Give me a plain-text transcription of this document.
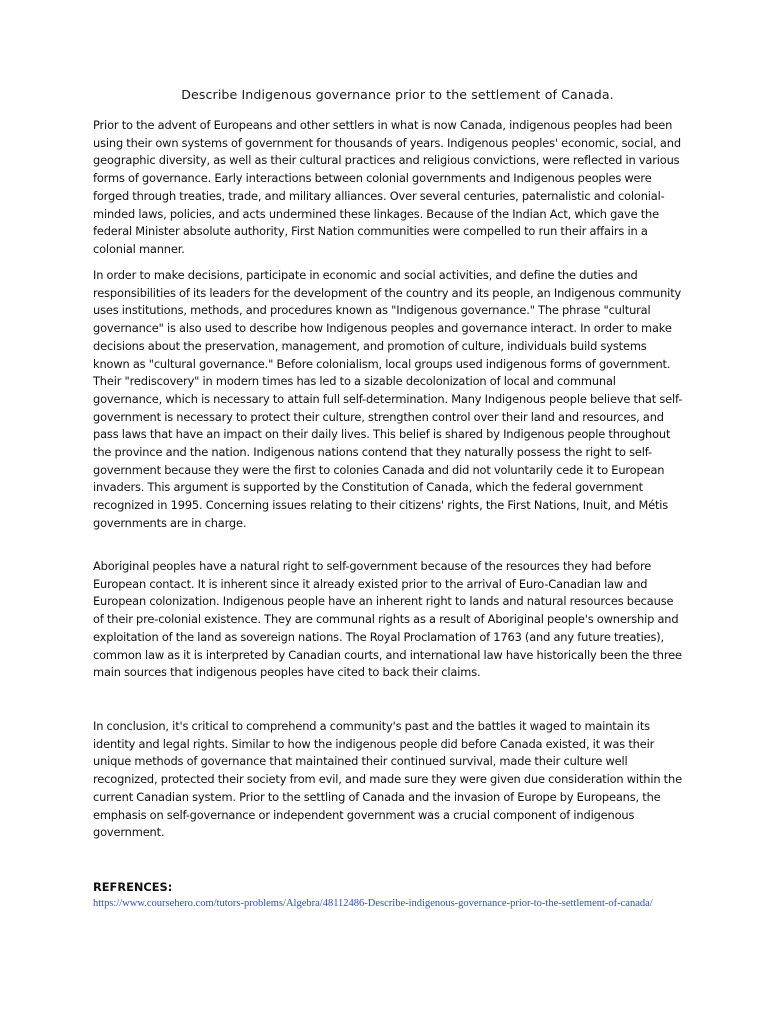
Describe Indigenous governance prior to the settlement of Canada.

Prior to the advent of Europeans and other settlers in what is now Canada, indigenous peoples had been using their own systems of government for thousands of years. Indigenous peoples' economic, social, and geographic diversity, as well as their cultural practices and religious convictions, were reflected in various forms of governance. Early interactions between colonial governments and Indigenous peoples were forged through treaties, trade, and military alliances. Over several centuries, paternalistic and colonial-minded laws, policies, and acts undermined these linkages. Because of the Indian Act, which gave the federal Minister absolute authority, First Nation communities were compelled to run their affairs in a colonial manner.

In order to make decisions, participate in economic and social activities, and define the duties and responsibilities of its leaders for the development of the country and its people, an Indigenous community uses institutions, methods, and procedures known as "Indigenous governance." The phrase "cultural governance" is also used to describe how Indigenous peoples and governance interact. In order to make decisions about the preservation, management, and promotion of culture, individuals build systems known as "cultural governance." Before colonialism, local groups used indigenous forms of government. Their "rediscovery" in modern times has led to a sizable decolonization of local and communal governance, which is necessary to attain full self-determination. Many Indigenous people believe that self-government is necessary to protect their culture, strengthen control over their land and resources, and pass laws that have an impact on their daily lives. This belief is shared by Indigenous people throughout the province and the nation. Indigenous nations contend that they naturally possess the right to self-government because they were the first to colonies Canada and did not voluntarily cede it to European invaders. This argument is supported by the Constitution of Canada, which the federal government recognized in 1995. Concerning issues relating to their citizens' rights, the First Nations, Inuit, and Métis governments are in charge.

Aboriginal peoples have a natural right to self-government because of the resources they had before European contact. It is inherent since it already existed prior to the arrival of Euro-Canadian law and European colonization. Indigenous people have an inherent right to lands and natural resources because of their pre-colonial existence. They are communal rights as a result of Aboriginal people's ownership and exploitation of the land as sovereign nations. The Royal Proclamation of 1763 (and any future treaties), common law as it is interpreted by Canadian courts, and international law have historically been the three main sources that indigenous peoples have cited to back their claims.

In conclusion, it's critical to comprehend a community's past and the battles it waged to maintain its identity and legal rights. Similar to how the indigenous people did before Canada existed, it was their unique methods of governance that maintained their continued survival, made their culture well recognized, protected their society from evil, and made sure they were given due consideration within the current Canadian system. Prior to the settling of Canada and the invasion of Europe by Europeans, the emphasis on self-governance or independent government was a crucial component of indigenous government.

REFRENCES:

https://www.coursehero.com/tutors-problems/Algebra/48112486-Describe-indigenous-governance-prior-to-the-settlement-of-canada/
